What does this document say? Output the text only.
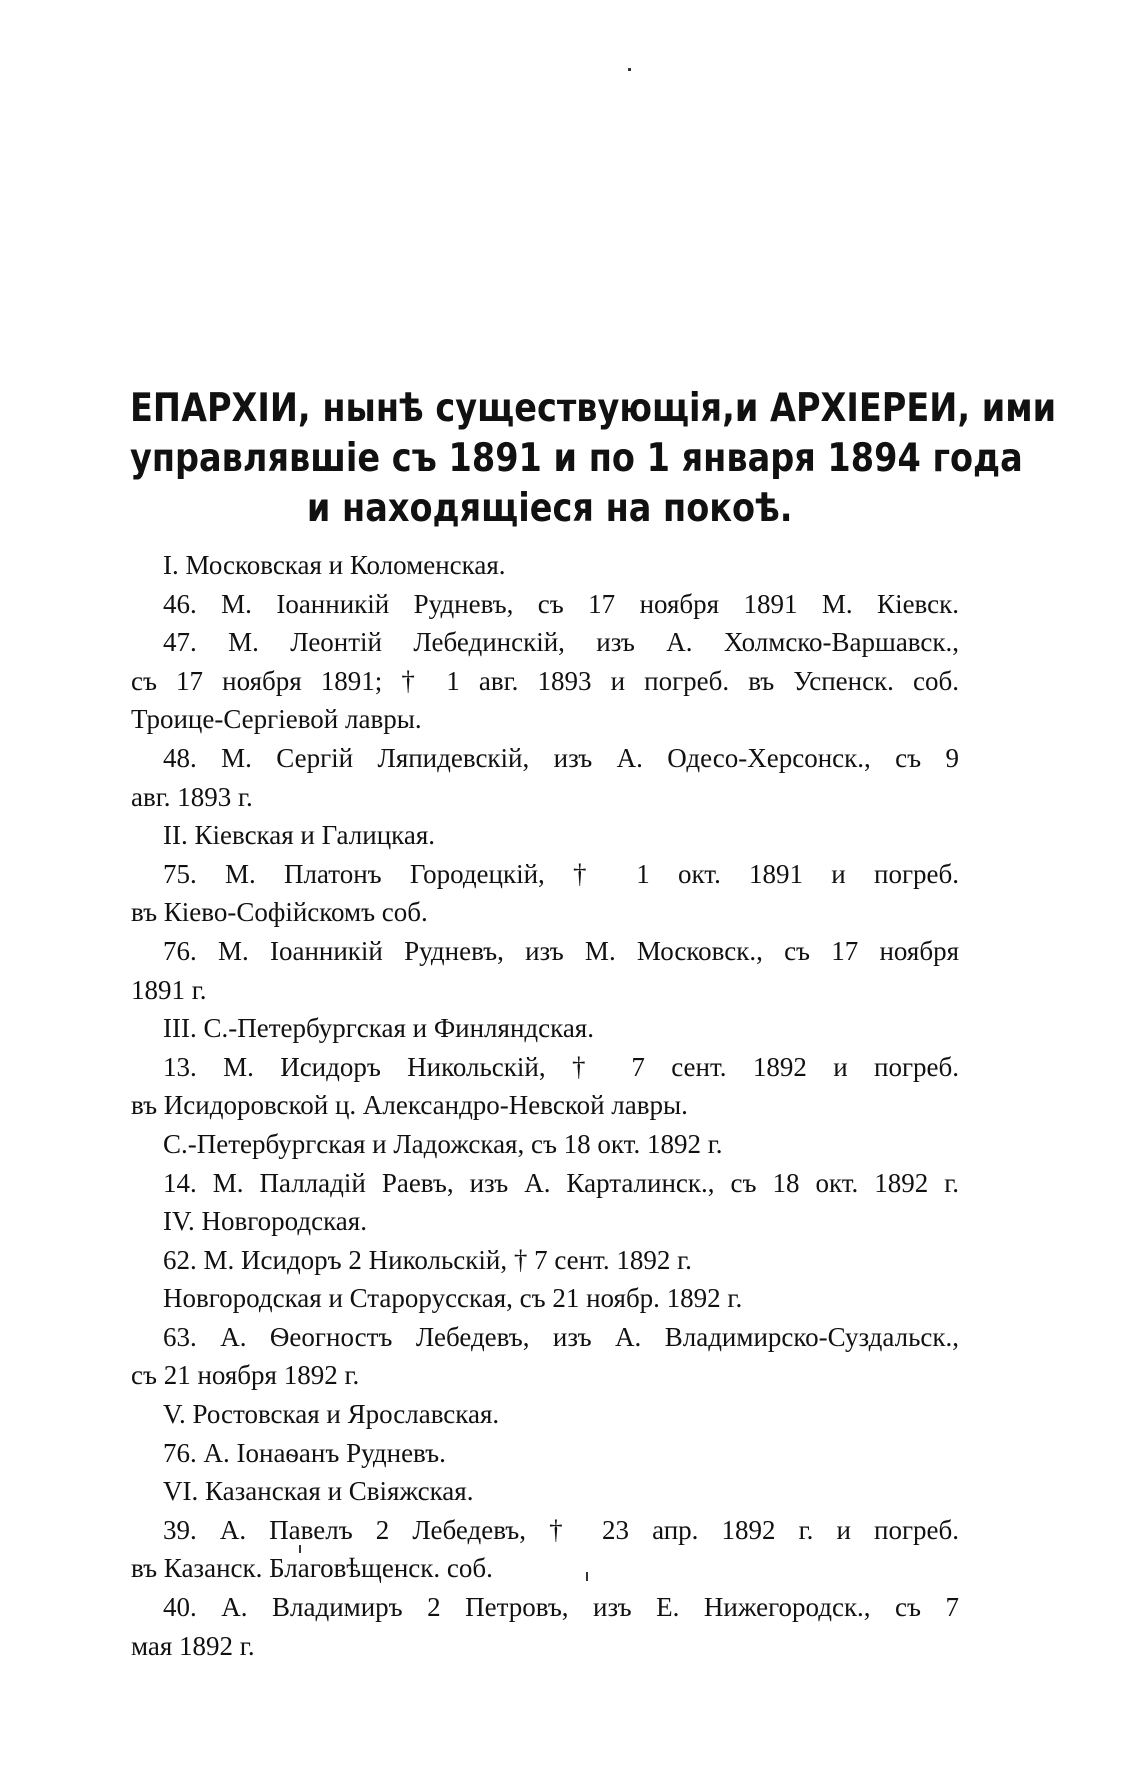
ЕПАРХІИ, нынѣ существующія,и АРХІЕРЕИ, ими
управлявшіе съ 1891 и по 1 января 1894 года
и находящіеся на покоѣ.
I. Московская и Коломенская.
46. М. Іоанникій Рудневъ, съ 17 ноября 1891 М. Кіевск.
47. М. Леонтій Лебединскій, изъ А. Холмско-Варшавск.,
съ 17 ноября 1891; † 1 авг. 1893 и погреб. въ Успенск. соб.
Троице-Сергіевой лавры.
48. М. Сергій Ляпидевскій, изъ А. Одесо-Херсонск., съ 9
авг. 1893 г.
II. Кіевская и Галицкая.
75. М. Платонъ Городецкій, † 1 окт. 1891 и погреб.
въ Кіево-Софійскомъ соб.
76. М. Іоанникій Рудневъ, изъ М. Московск., съ 17 ноября
1891 г.
III. С.-Петербургская и Финляндская.
13. М. Исидоръ Никольскій, † 7 сент. 1892 и погреб.
въ Исидоровской ц. Александро-Невской лавры.
С.-Петербургская и Ладожская, съ 18 окт. 1892 г.
14. М. Палладій Раевъ, изъ А. Карталинск., съ 18 окт. 1892 г.
IV. Новгородская.
62. М. Исидоръ 2 Никольскій, † 7 сент. 1892 г.
Новгородская и Старорусская, съ 21 ноябр. 1892 г.
63. А. Ѳеогностъ Лебедевъ, изъ А. Владимирско-Суздальск.,
съ 21 ноября 1892 г.
V. Ростовская и Ярославская.
76. А. Іонаѳанъ Рудневъ.
VI. Казанская и Свіяжская.
39. А. Павелъ 2 Лебедевъ, † 23 апр. 1892 г. и погреб.
въ Казанск. Благовѣщенск. соб.
40. А. Владимиръ 2 Петровъ, изъ Е. Нижегородск., съ 7
мая 1892 г.
